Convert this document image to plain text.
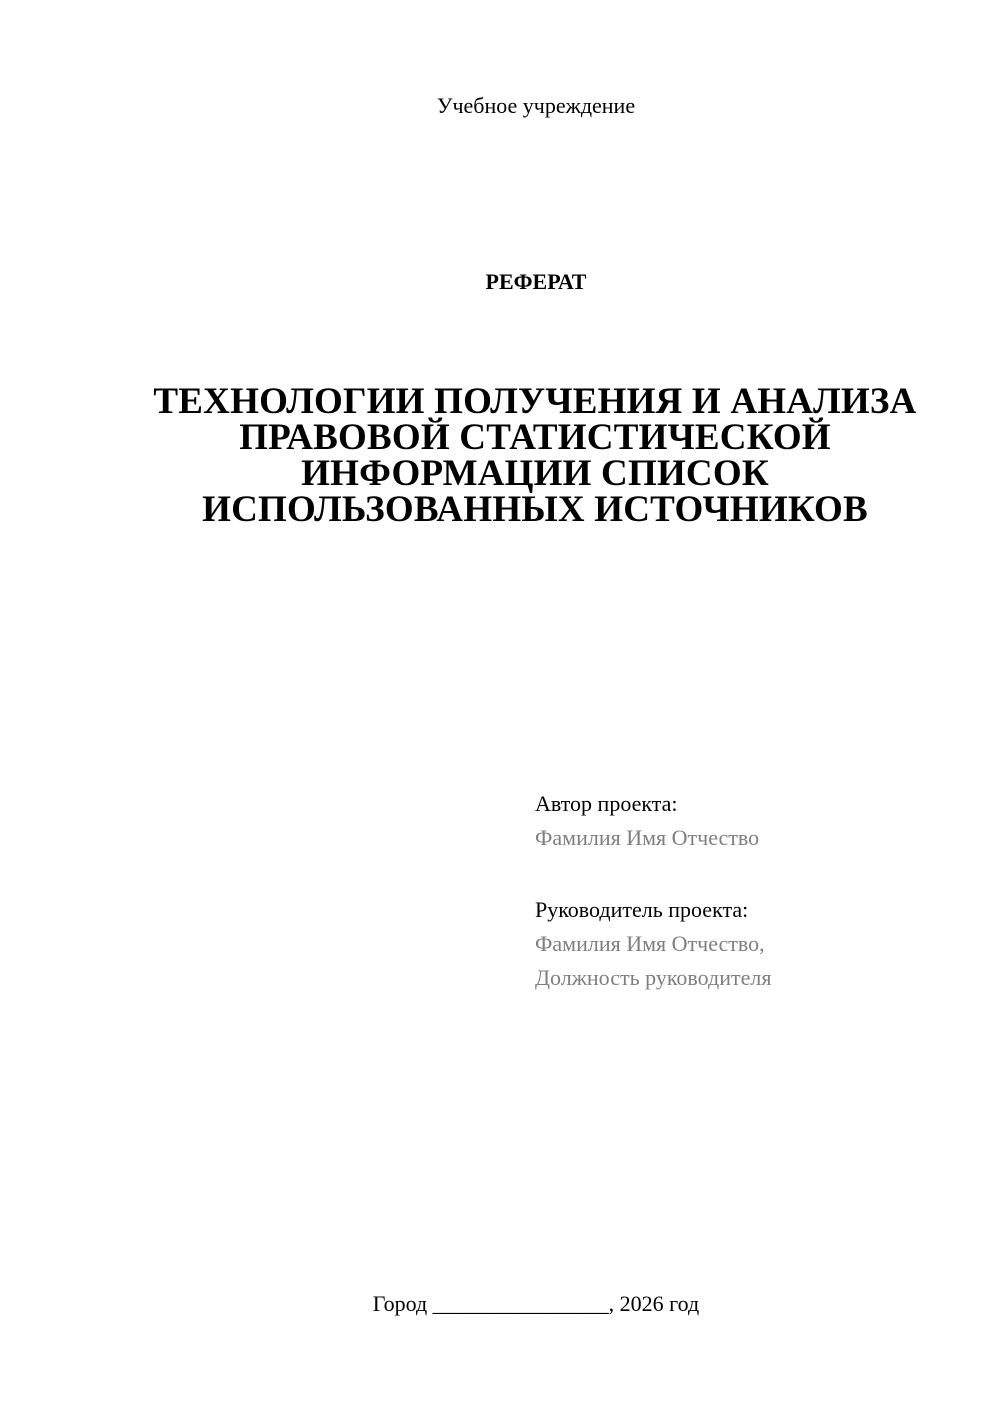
Учебное учреждение
РЕФЕРАТ
ТЕХНОЛОГИИ ПОЛУЧЕНИЯ И АНАЛИЗА ПРАВОВОЙ СТАТИСТИЧЕСКОЙ ИНФОРМАЦИИ СПИСОК ИСПОЛЬЗОВАННЫХ ИСТОЧНИКОВ
Автор проекта:
Фамилия Имя Отчество
Руководитель проекта:
Фамилия Имя Отчество,
Должность руководителя
Город ________________, 2026 год
